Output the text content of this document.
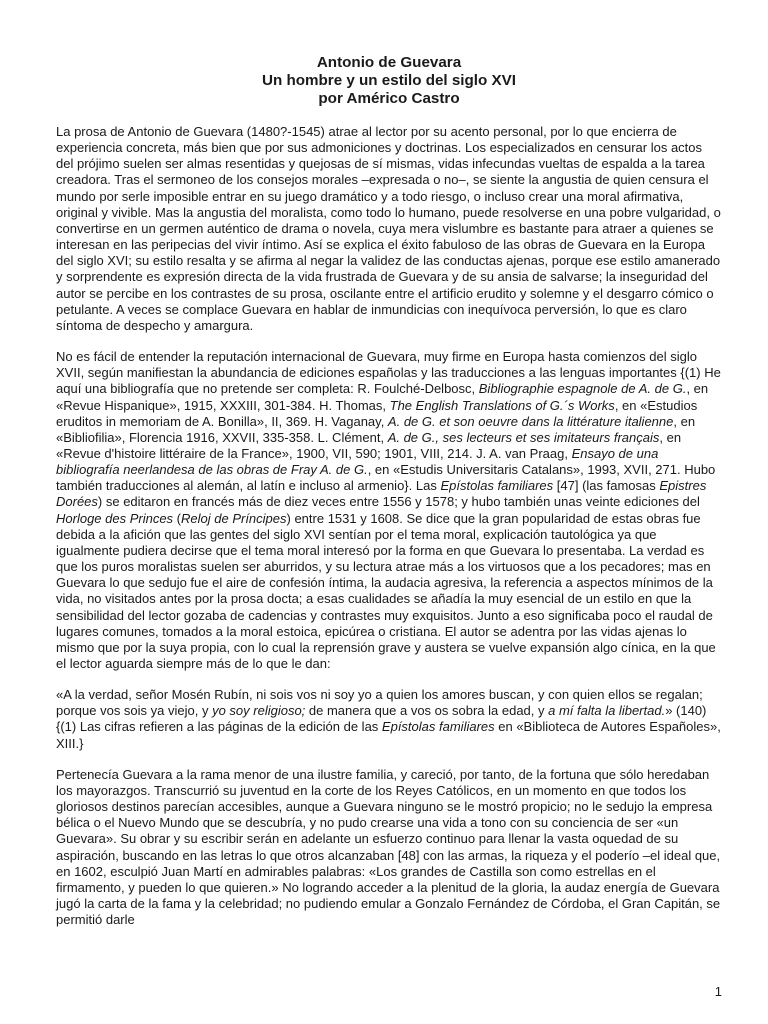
Antonio de Guevara
Un hombre y un estilo del siglo XVI
por Américo Castro

La prosa de Antonio de Guevara (1480?-1545) atrae al lector por su acento personal, por lo que encierra de experiencia concreta, más bien que por sus admoniciones y doctrinas. Los especializados en censurar los actos del prójimo suelen ser almas resentidas y quejosas de sí mismas, vidas infecundas vueltas de espalda a la tarea creadora. Tras el sermoneo de los consejos morales –expresada o no–, se siente la angustia de quien censura el mundo por serle imposible entrar en su juego dramático y a todo riesgo, o incluso crear una moral afirmativa, original y vivible. Mas la angustia del moralista, como todo lo humano, puede resolverse en una pobre vulgaridad, o convertirse en un germen auténtico de drama o novela, cuya mera vislumbre es bastante para atraer a quienes se interesan en las peripecias del vivir íntimo. Así se explica el éxito fabuloso de las obras de Guevara en la Europa del siglo XVI; su estilo resalta y se afirma al negar la validez de las conductas ajenas, porque ese estilo amanerado y sorprendente es expresión directa de la vida frustrada de Guevara y de su ansia de salvarse; la inseguridad del autor se percibe en los contrastes de su prosa, oscilante entre el artificio erudito y solemne y el desgarro cómico o petulante. A veces se complace Guevara en hablar de inmundicias con inequívoca perversión, lo que es claro síntoma de despecho y amargura.

No es fácil de entender la reputación internacional de Guevara, muy firme en Europa hasta comienzos del siglo XVII, según manifiestan la abundancia de ediciones españolas y las traducciones a las lenguas importantes {(1) He aquí una bibliografía que no pretende ser completa: R. Foulché-Delbosc, Bibliographie espagnole de A. de G., en «Revue Hispanique», 1915, XXXIII, 301-384. H. Thomas, The English Translations of G.´s Works, en «Estudios eruditos in memoriam de A. Bonilla», II, 369. H. Vaganay, A. de G. et son oeuvre dans la littérature italienne, en «Bibliofilia», Florencia 1916, XXVII, 335-358. L. Clément, A. de G., ses lecteurs et ses imitateurs français, en «Revue d'histoire littéraire de la France», 1900, VII, 590; 1901, VIII, 214. J. A. van Praag, Ensayo de una bibliografía neerlandesa de las obras de Fray A. de G., en «Estudis Universitaris Catalans», 1993, XVII, 271. Hubo también traducciones al alemán, al latín e incluso al armenio}. Las Epístolas familiares [47] (las famosas Epistres Dorées) se editaron en francés más de diez veces entre 1556 y 1578; y hubo también unas veinte ediciones del Horloge des Princes (Reloj de Príncipes) entre 1531 y 1608. Se dice que la gran popularidad de estas obras fue debida a la afición que las gentes del siglo XVI sentían por el tema moral, explicación tautológica ya que igualmente pudiera decirse que el tema moral interesó por la forma en que Guevara lo presentaba. La verdad es que los puros moralistas suelen ser aburridos, y su lectura atrae más a los virtuosos que a los pecadores; mas en Guevara lo que sedujo fue el aire de confesión íntima, la audacia agresiva, la referencia a aspectos mínimos de la vida, no visitados antes por la prosa docta; a esas cualidades se añadía la muy esencial de un estilo en que la sensibilidad del lector gozaba de cadencias y contrastes muy exquisitos. Junto a eso significaba poco el raudal de lugares comunes, tomados a la moral estoica, epicúrea o cristiana. El autor se adentra por las vidas ajenas lo mismo que por la suya propia, con lo cual la reprensión grave y austera se vuelve expansión algo cínica, en la que el lector aguarda siempre más de lo que le dan:

«A la verdad, señor Mosén Rubín, ni sois vos ni soy yo a quien los amores buscan, y con quien ellos se regalan; porque vos sois ya viejo, y yo soy religioso; de manera que a vos os sobra la edad, y a mí falta la libertad.» (140) {(1) Las cifras refieren a las páginas de la edición de las Epístolas familiares en «Biblioteca de Autores Españoles», XIII.}

Pertenecía Guevara a la rama menor de una ilustre familia, y careció, por tanto, de la fortuna que sólo heredaban los mayorazgos. Transcurrió su juventud en la corte de los Reyes Católicos, en un momento en que todos los gloriosos destinos parecían accesibles, aunque a Guevara ninguno se le mostró propicio; no le sedujo la empresa bélica o el Nuevo Mundo que se descubría, y no pudo crearse una vida a tono con su conciencia de ser «un Guevara». Su obrar y su escribir serán en adelante un esfuerzo continuo para llenar la vasta oquedad de su aspiración, buscando en las letras lo que otros alcanzaban [48] con las armas, la riqueza y el poderío –el ideal que, en 1602, esculpió Juan Martí en admirables palabras: «Los grandes de Castilla son como estrellas en el firmamento, y pueden lo que quieren.» No logrando acceder a la plenitud de la gloria, la audaz energía de Guevara jugó la carta de la fama y la celebridad; no pudiendo emular a Gonzalo Fernández de Córdoba, el Gran Capitán, se permitió darle

1
